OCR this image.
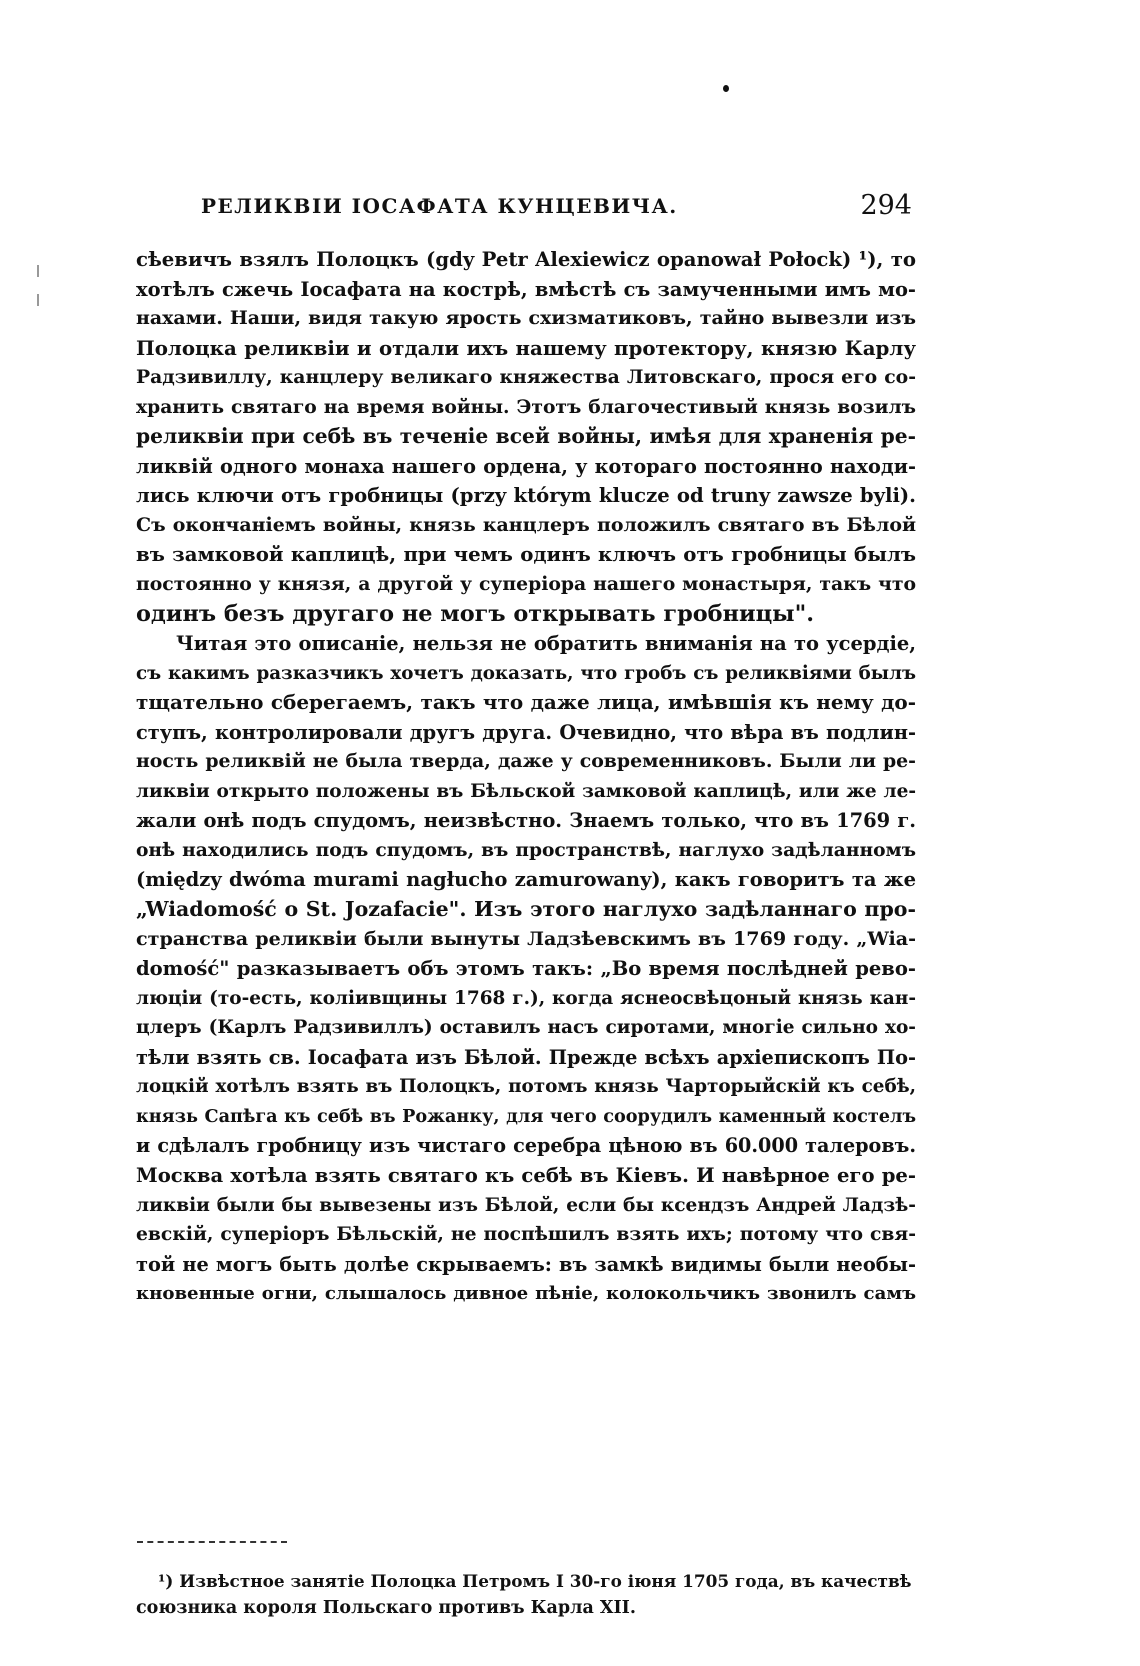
РЕЛИКВІИ ІОСАФАТА КУНЦЕВИЧА.	294
сѣевичъ взялъ Полоцкъ (gdy Petr Alexiewicz opanował Połock) ¹), то
хотѣлъ сжечь Іосафата на кострѣ, вмѣстѣ съ замученными имъ мо-
нахами. Наши, видя такую ярость схизматиковъ, тайно вывезли изъ
Полоцка реликвіи и отдали ихъ нашему протектору, князю Карлу
Радзивиллу, канцлеру великаго княжества Литовскаго, прося его со-
хранить святаго на время войны. Этотъ благочестивый князь возилъ
реликвіи при себѣ въ теченіе всей войны, имѣя для храненія ре-
ликвій одного монаха нашего ордена, у котораго постоянно находи-
лись ключи отъ гробницы (przy którym klucze od truny zawsze byli).
Съ окончаніемъ войны, князь канцлеръ положилъ святаго въ Бѣлой
въ замковой каплицѣ, при чемъ одинъ ключъ отъ гробницы былъ
постоянно у князя, а другой у суперіора нашего монастыря, такъ что
одинъ безъ другаго не могъ открывать гробницы".
Читая это описаніе, нельзя не обратить вниманія на то усердіе,
съ какимъ разказчикъ хочетъ доказать, что гробъ съ реликвіями былъ
тщательно сберегаемъ, такъ что даже лица, имѣвшія къ нему до-
ступъ, контролировали другъ друга. Очевидно, что вѣра въ подлин-
ность реликвій не была тверда, даже у современниковъ. Были ли ре-
ликвіи открыто положены въ Бѣльской замковой каплицѣ, или же ле-
жали онѣ подъ спудомъ, неизвѣстно. Знаемъ только, что въ 1769 г.
онѣ находились подъ спудомъ, въ пространствѣ, наглухо задѣланномъ
(między dwóma murami nagłucho zamurowany), какъ говоритъ та же
„Wiadomość o St. Jozafacie". Изъ этого наглухо задѣланнаго про-
странства реликвіи были вынуты Ладзѣевскимъ въ 1769 году. „Wia-
domość" разказываетъ объ этомъ такъ: „Во время послѣдней рево-
люціи (то-есть, коліивщины 1768 г.), когда яснеосвѣцоный князь кан-
цлеръ (Карлъ Радзивиллъ) оставилъ насъ сиротами, многіе сильно хо-
тѣли взять св. Іосафата изъ Бѣлой. Прежде всѣхъ архіепископъ По-
лоцкій хотѣлъ взять въ Полоцкъ, потомъ князь Чарторыйскій къ себѣ,
князь Сапѣга къ себѣ въ Рожанку, для чего соорудилъ каменный костелъ
и сдѣлалъ гробницу изъ чистаго серебра цѣною въ 60.000 талеровъ.
Москва хотѣла взять святаго къ себѣ въ Кіевъ. И навѣрное его ре-
ликвіи были бы вывезены изъ Бѣлой, если бы ксендзъ Андрей Ладзѣ-
евскій, суперіоръ Бѣльскій, не поспѣшилъ взять ихъ; потому что свя-
той не могъ быть долѣе скрываемъ: въ замкѣ видимы были необы-
кновенные огни, слышалось дивное пѣніе, колокольчикъ звонилъ самъ
¹) Извѣстное занятіе Полоцка Петромъ I 30-го іюня 1705 года, въ качествѣ
союзника короля Польскаго противъ Карла XII.
